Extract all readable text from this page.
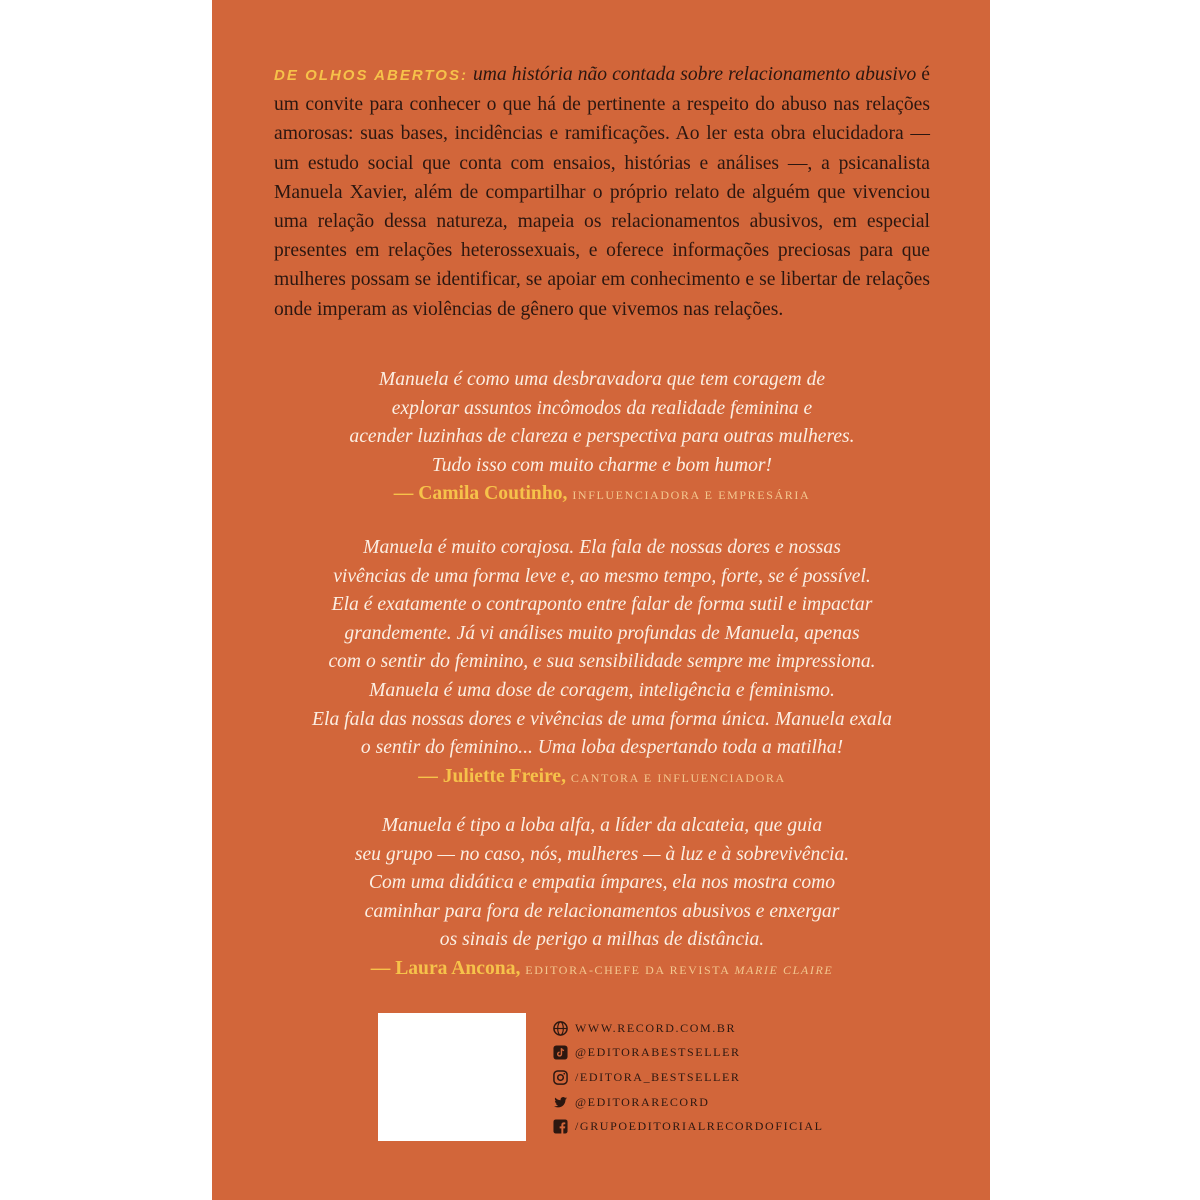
DE OLHOS ABERTOS: uma história não contada sobre relacionamento abusivo é um convite para conhecer o que há de pertinente a respeito do abuso nas relações amorosas: suas bases, incidências e ramificações. Ao ler esta obra elucidadora — um estudo social que conta com ensaios, histórias e análises —, a psicanalista Manuela Xavier, além de compartilhar o próprio relato de alguém que vivenciou uma relação dessa natureza, mapeia os relacionamentos abusivos, em especial presentes em relações heterossexuais, e oferece informações preciosas para que mulheres possam se identificar, se apoiar em conhecimento e se libertar de relações onde imperam as violências de gênero que vivemos nas relações.
Manuela é como uma desbravadora que tem coragem de
explorar assuntos incômodos da realidade feminina e
acender luzinhas de clareza e perspectiva para outras mulheres.
Tudo isso com muito charme e bom humor!
— Camila Coutinho, INFLUENCIADORA E EMPRESÁRIA
Manuela é muito corajosa. Ela fala de nossas dores e nossas
vivências de uma forma leve e, ao mesmo tempo, forte, se é possível.
Ela é exatamente o contraponto entre falar de forma sutil e impactar
grandemente. Já vi análises muito profundas de Manuela, apenas
com o sentir do feminino, e sua sensibilidade sempre me impressiona.
Manuela é uma dose de coragem, inteligência e feminismo.
Ela fala das nossas dores e vivências de uma forma única. Manuela exala
o sentir do feminino... Uma loba despertando toda a matilha!
— Juliette Freire, CANTORA E INFLUENCIADORA
Manuela é tipo a loba alfa, a líder da alcateia, que guia
seu grupo — no caso, nós, mulheres — à luz e à sobrevivência.
Com uma didática e empatia ímpares, ela nos mostra como
caminhar para fora de relacionamentos abusivos e enxergar
os sinais de perigo a milhas de distância.
— Laura Ancona, EDITORA-CHEFE DA REVISTA MARIE CLAIRE
WWW.RECORD.COM.BR
@EDITORABESTSELLER
/EDITORA_BESTSELLER
@EDITORARECORD
/GRUPOEDITORIALRECORDOFICIAL
